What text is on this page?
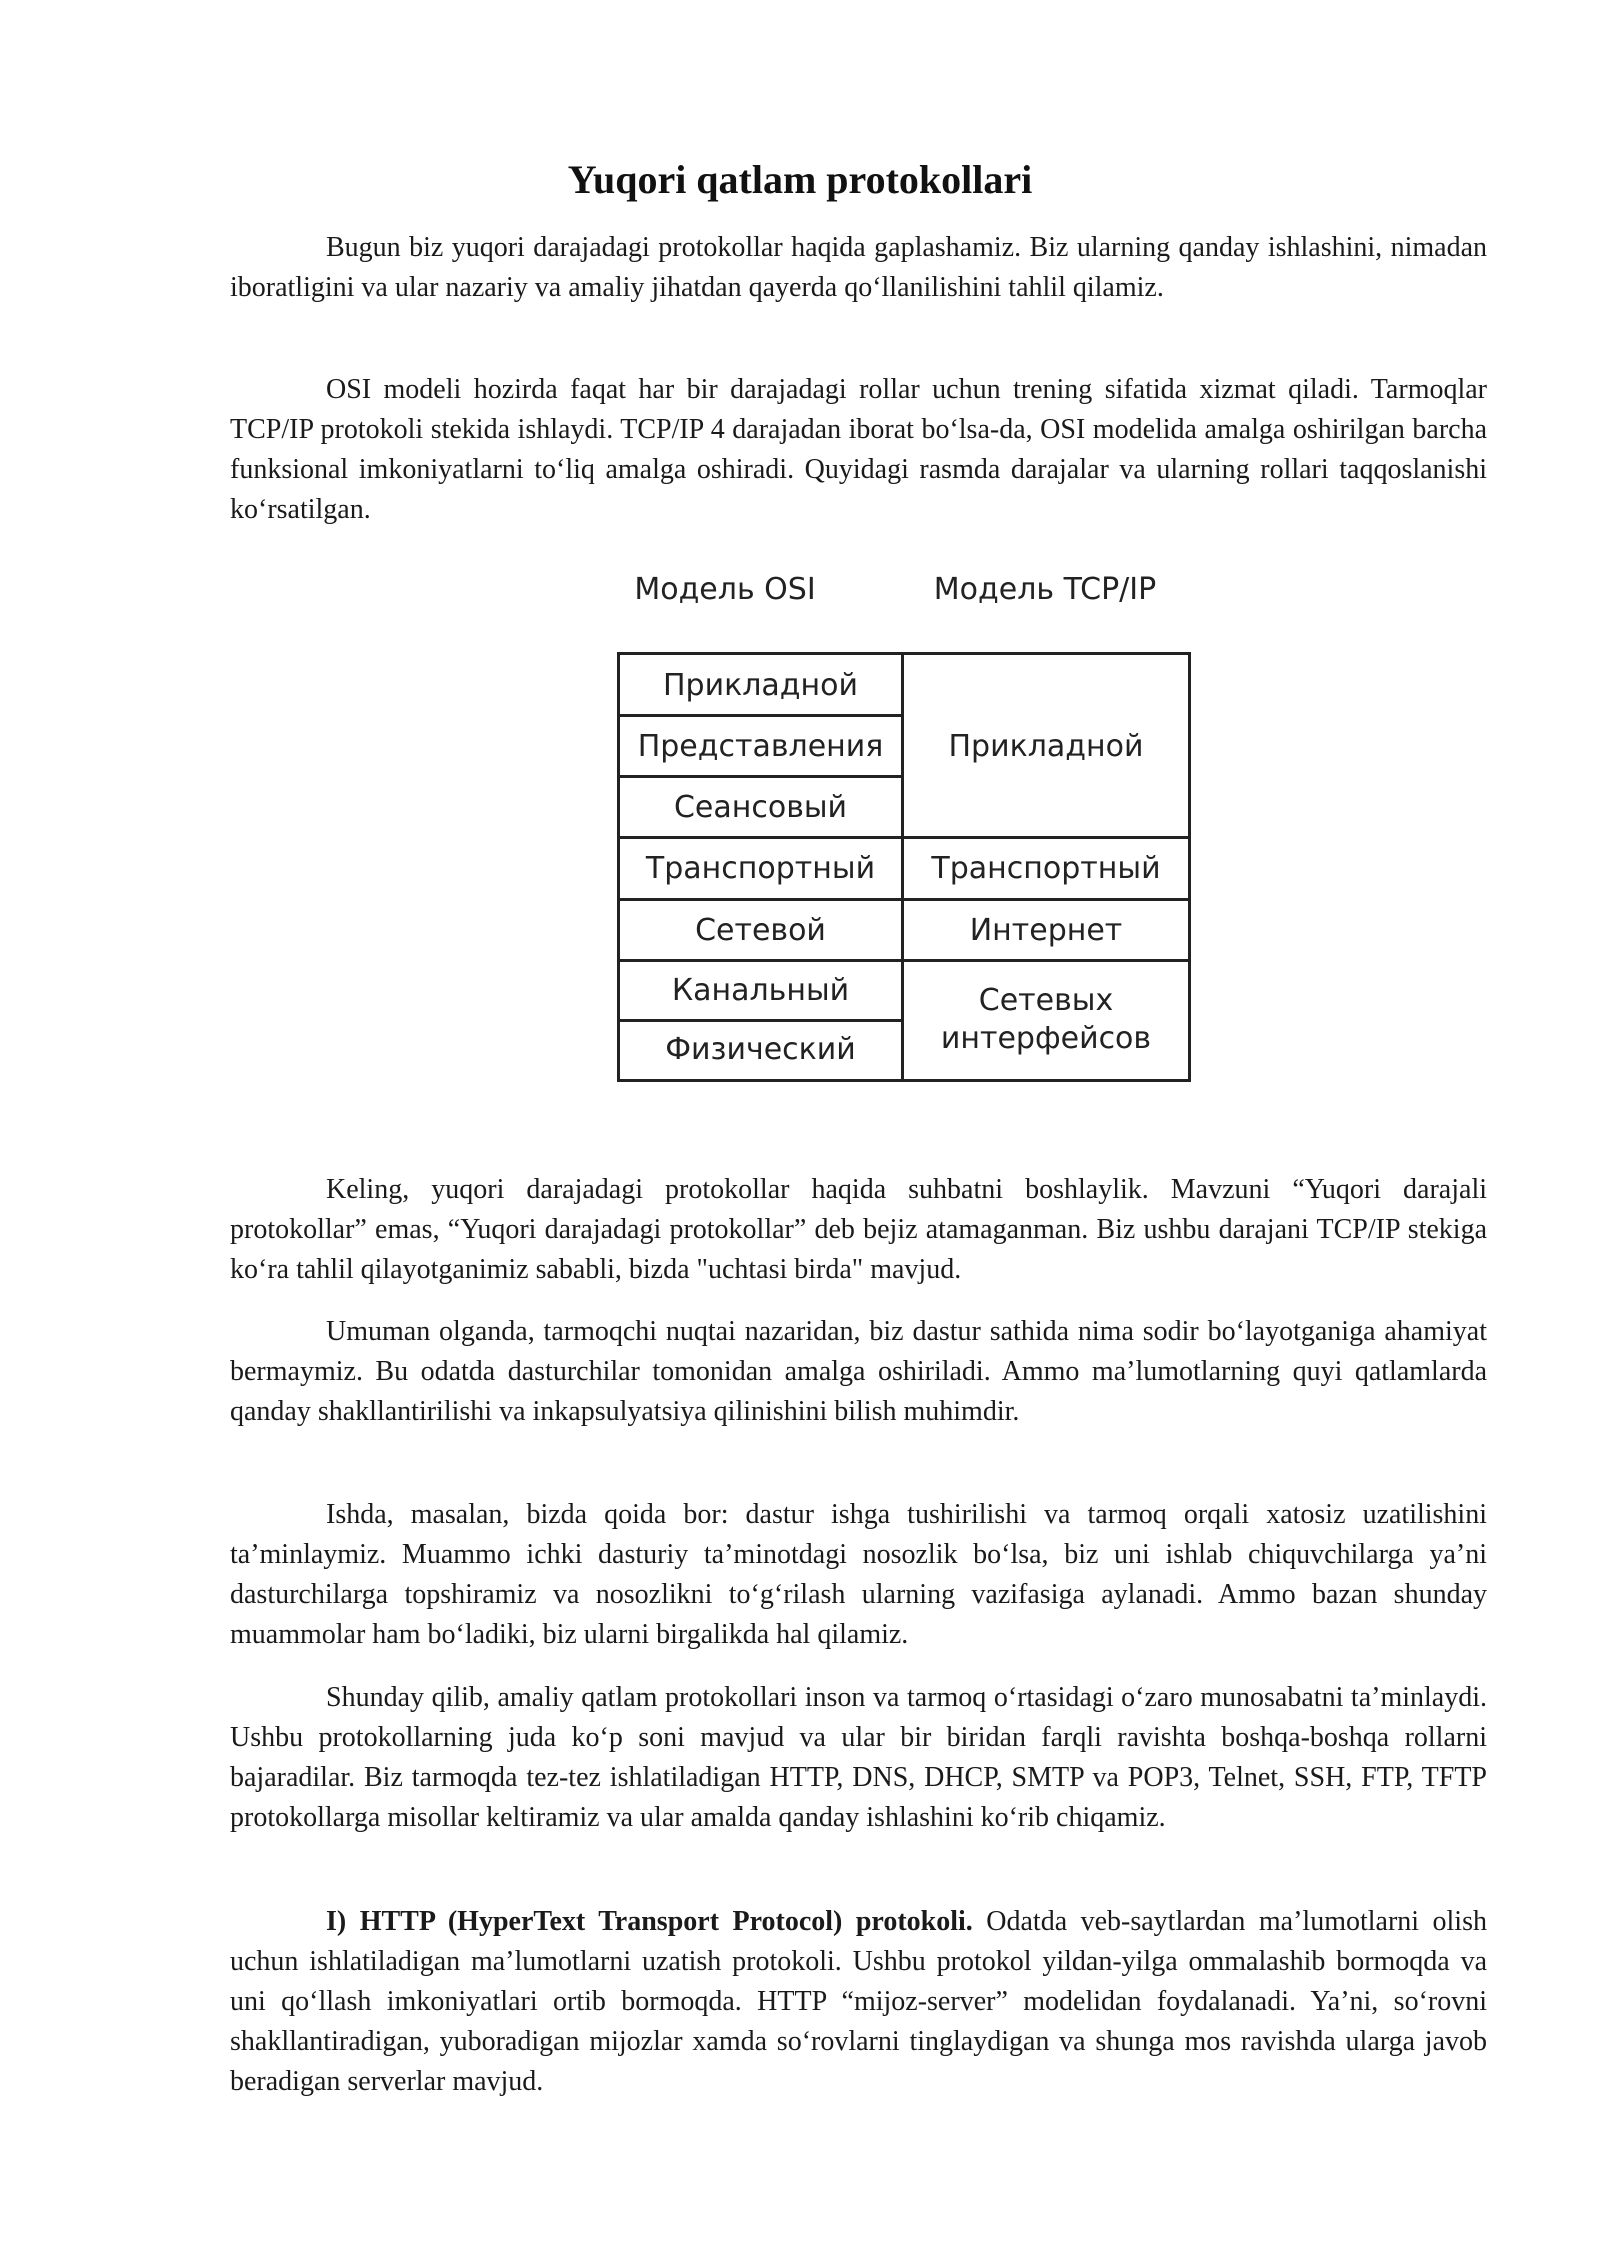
Yuqori qatlam protokollari

Bugun biz yuqori darajadagi protokollar haqida gaplashamiz. Biz ularning qanday ishlashini, nimadan iboratligini va ular nazariy va amaliy jihatdan qayerda qoʻllanilishini tahlil qilamiz.

OSI modeli hozirda faqat har bir darajadagi rollar uchun trening sifatida xizmat qiladi. Tarmoqlar TCP/IP protokoli stekida ishlaydi. TCP/IP 4 darajadan iborat boʻlsa-da, OSI modelida amalga oshirilgan barcha funksional imkoniyatlarni toʻliq amalga oshiradi. Quyidagi rasmda darajalar va ularning rollari taqqoslanishi koʻrsatilgan.

Модель OSI	Модель TCP/IP
Прикладной
Представления
Сеансовый
Транспортный
Сетевой
Канальный
Физический
Прикладной
Транспортный
Интернет
Сетевых интерфейсов

Keling, yuqori darajadagi protokollar haqida suhbatni boshlaylik. Mavzuni “Yuqori darajali protokollar” emas, “Yuqori darajadagi protokollar” deb bejiz atamaganman. Biz ushbu darajani TCP/IP stekiga koʻra tahlil qilayotganimiz sababli, bizda "uchtasi birda" mavjud.

Umuman olganda, tarmoqchi nuqtai nazaridan, biz dastur sathida nima sodir boʻlayotganiga ahamiyat bermaymiz. Bu odatda dasturchilar tomonidan amalga oshiriladi. Ammo maʼlumotlarning quyi qatlamlarda qanday shakllantirilishi va inkapsulyatsiya qilinishini bilish muhimdir.

Ishda, masalan, bizda qoida bor: dastur ishga tushirilishi va tarmoq orqali xatosiz uzatilishini taʼminlaymiz. Muammo ichki dasturiy taʼminotdagi nosozlik boʻlsa, biz uni ishlab chiquvchilarga yaʼni dasturchilarga topshiramiz va nosozlikni toʻgʻrilash ularning vazifasiga aylanadi. Ammo bazan shunday muammolar ham boʻladiki, biz ularni birgalikda hal qilamiz.

Shunday qilib, amaliy qatlam protokollari inson va tarmoq oʻrtasidagi oʻzaro munosabatni taʼminlaydi. Ushbu protokollarning juda koʻp soni mavjud va ular bir biridan farqli ravishta boshqa-boshqa rollarni bajaradilar. Biz tarmoqda tez-tez ishlatiladigan HTTP, DNS, DHCP, SMTP va POP3, Telnet, SSH, FTP, TFTP protokollarga misollar keltiramiz va ular amalda qanday ishlashini koʻrib chiqamiz.

I) HTTP (HyperText Transport Protocol) protokoli. Odatda veb-saytlardan maʼlumotlarni olish uchun ishlatiladigan maʼlumotlarni uzatish protokoli. Ushbu protokol yildan-yilga ommalashib bormoqda va uni qoʻllash imkoniyatlari ortib bormoqda. HTTP “mijoz-server” modelidan foydalanadi. Yaʼni, soʻrovni shakllantiradigan, yuboradigan mijozlar xamda soʻrovlarni tinglaydigan va shunga mos ravishda ularga javob beradigan serverlar mavjud.
